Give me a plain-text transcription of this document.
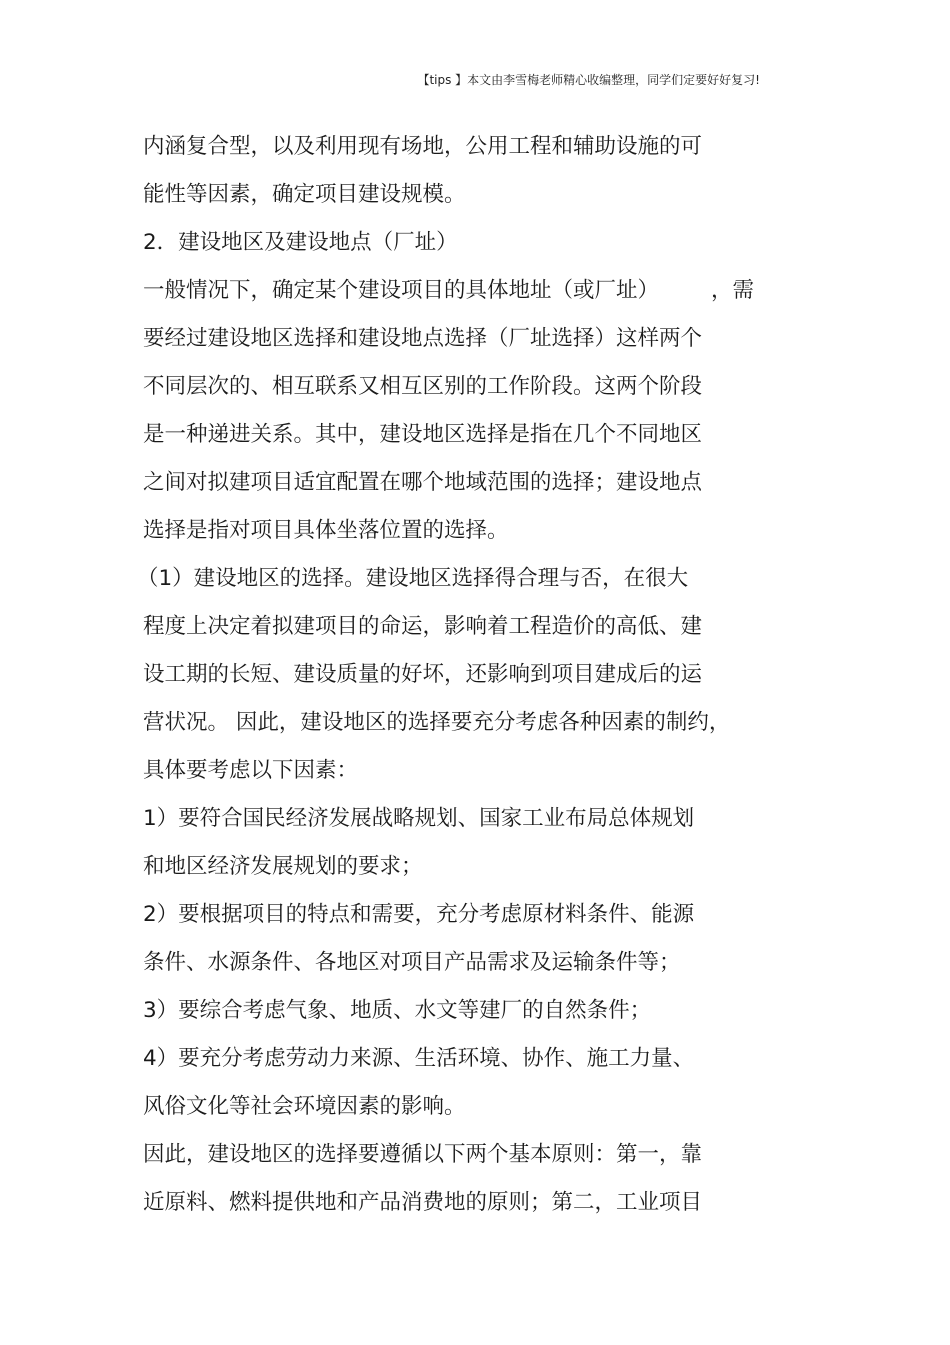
【tips 】本文由李雪梅老师精心收编整理，同学们定要好好复习!
内涵复合型，以及利用现有场地，公用工程和辅助设施的可
能性等因素，确定项目建设规模。
2．建设地区及建设地点（厂址）
一般情况下，确定某个建设项目的具体地址（或厂址） ，需
要经过建设地区选择和建设地点选择（厂址选择）这样两个
不同层次的、相互联系又相互区别的工作阶段。这两个阶段
是一种递进关系。其中，建设地区选择是指在几个不同地区
之间对拟建项目适宜配置在哪个地域范围的选择；建设地点
选择是指对项目具体坐落位置的选择。
（1）建设地区的选择。建设地区选择得合理与否，在很大
程度上决定着拟建项目的命运，影响着工程造价的高低、建
设工期的长短、建设质量的好坏，还影响到项目建成后的运
营状况。 因此，建设地区的选择要充分考虑各种因素的制约，
具体要考虑以下因素：
1）要符合国民经济发展战略规划、国家工业布局总体规划
和地区经济发展规划的要求；
2）要根据项目的特点和需要，充分考虑原材料条件、能源
条件、水源条件、各地区对项目产品需求及运输条件等；
3）要综合考虑气象、地质、水文等建厂的自然条件；
4）要充分考虑劳动力来源、生活环境、协作、施工力量、
风俗文化等社会环境因素的影响。
因此，建设地区的选择要遵循以下两个基本原则：第一，靠
近原料、燃料提供地和产品消费地的原则；第二，工业项目
